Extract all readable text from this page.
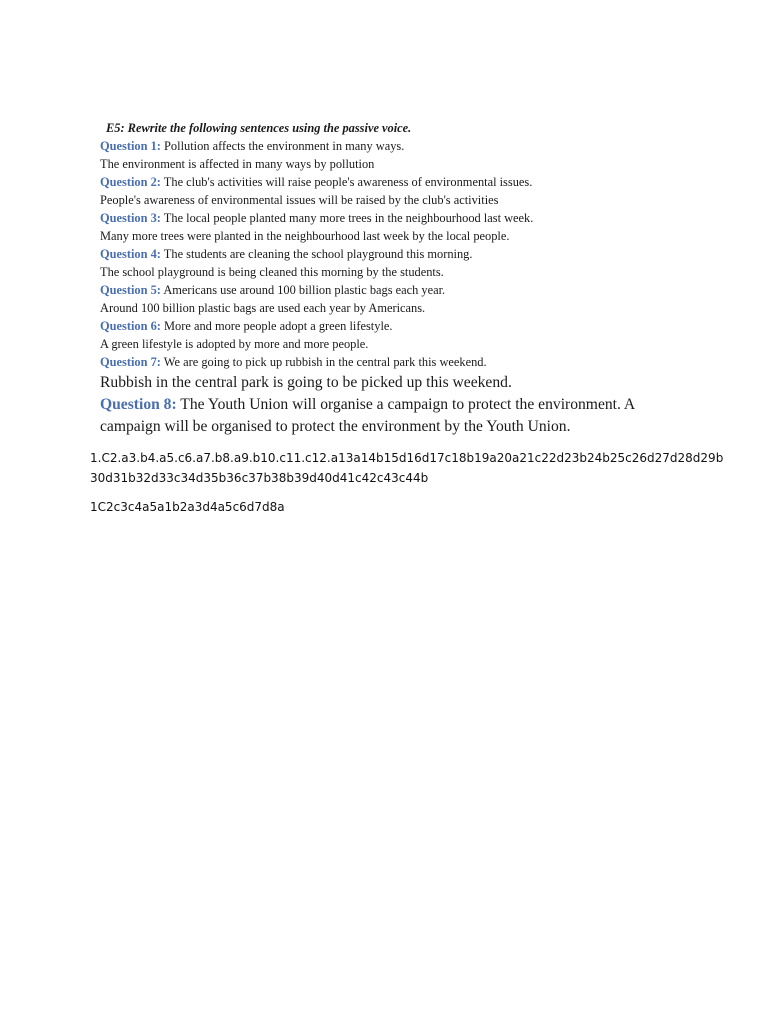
E5: Rewrite the following sentences using the passive voice.
Question 1: Pollution affects the environment in many ways.
The environment is affected in many ways by pollution
Question 2: The club's activities will raise people's awareness of environmental issues.
People's awareness of environmental issues will be raised by the club's activities
Question 3: The local people planted many more trees in the neighbourhood last week.
Many more trees were planted in the neighbourhood last week by the local people.
Question 4: The students are cleaning the school playground this morning.
The school playground is being cleaned this morning by the students.
Question 5: Americans use around 100 billion plastic bags each year.
Around 100 billion plastic bags are used each year by Americans.
Question 6: More and more people adopt a green lifestyle.
A green lifestyle is adopted by more and more people.
Question 7: We are going to pick up rubbish in the central park this weekend.
Rubbish in the central park is going to be picked up this weekend.
Question 8: The Youth Union will organise a campaign to protect the environment. A campaign will be organised to protect the environment by the Youth Union.
1.C2.a3.b4.a5.c6.a7.b8.a9.b10.c11.c12.a13a14b15d16d17c18b19a20a21c22d23b24b25c26d27d28d29b
30d31b32d33c34d35b36c37b38b39d40d41c42c43c44b
1C2c3c4a5a1b2a3d4a5c6d7d8a
